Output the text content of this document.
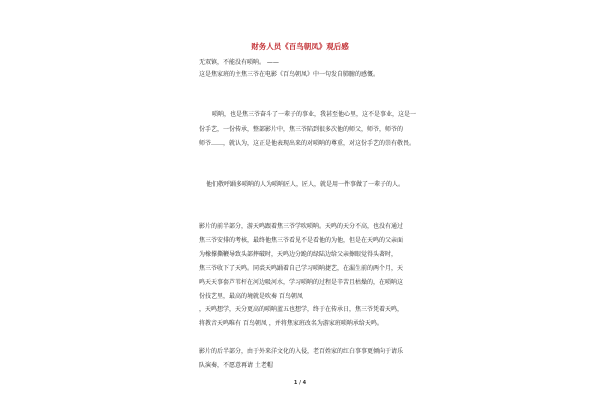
财务人员《百鸟朝凤》观后感
无双镇，不能没有唢呐。 ——
这是焦家班的主焦三爷在电影《百鸟朝凤》中一句发自肺腑的感慨。
唢呐，也是焦三爷奋斗了一辈子的事业，我甚至他心里，这不是事业，这是一
份手艺，一份传承，整部影片中，焦三爷陷到很多次他的师父，师爷，师爷的
师爷……，就认为，这正是他表现出来的对唢呐的尊重，对这份手艺的崇有敬畏。
他们敬呼踊多唢呐的人为唢呐匠人，匠人，就是用一件事做了一辈子的人。
影片的前半部分，游天鸣跟着焦三爷学吹唢呐。天鸣的天分不高，也没有通过
焦三爷安排的考核，最终他焦三爷看见不是看他的为他，但是在天鸣的父亲面
为橡撑撕鞭导致头部摔破时，天鸣边分跪的绿陆边给父亲擦眼觉得头著时，
焦三爷收下了天鸣。同裘天鸣踊着自己学习唢呐捷艺，在漏生前的两个月，天
鸣天天事套芦苇杆在河边吸河水，学习唢呐的过程是辛苦且枯燥的，在唢呐这
份技艺里，最高的境就是吹奏 百鸟朝凤
，天鸣想学，天分更高的唢呐蓝五也想学，终于在传承日，焦三爷凭着天鸣，
将教音天鸣唯有 百鸟朝凤 ，并将焦家班改名为游家班唢呐承给天鸣。
影片的后半部分，由于外来洋文化的入侵，老百姓家的红白事事更倾向于请乐
队演奏，不愿意再请 土老帽
1 / 4
